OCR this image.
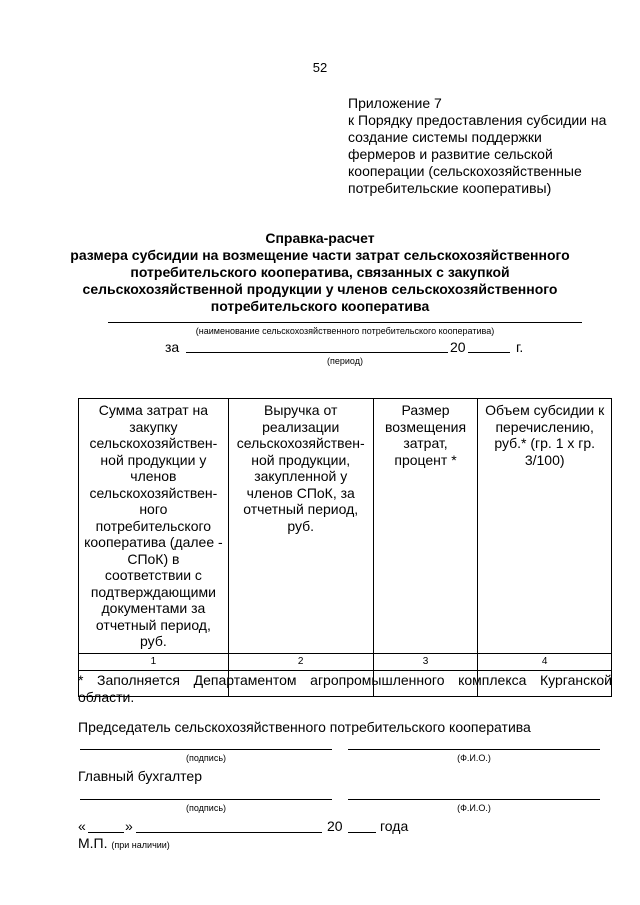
52
Приложение 7
к Порядку предоставления субсидии на
создание системы поддержки
фермеров и развитие сельской
кооперации (сельскохозяйственные
потребительские кооперативы)
Справка-расчет
размера субсидии на возмещение части затрат сельскохозяйственного
потребительского кооператива, связанных с закупкой
сельскохозяйственной продукции у членов сельскохозяйственного
потребительского кооператива
(наименование сельскохозяйственного потребительского кооператива)
за	20	г.
(период)
Сумма затрат на закупку сельскохозяйствен-ной продукции у членов сельскохозяйствен-ного потребительского кооператива (далее - СПоК) в соответствии с подтверждающими документами за отчетный период, руб.	Выручка от реализации сельскохозяйствен-ной продукции, закупленной у членов СПоК, за отчетный период, руб.	Размер возмещения затрат, процент *	Объем субсидии к перечислению, руб.* (гр. 1 x гр. 3/100)
1	2	3	4

* Заполняется Департаментом агропромышленного комплекса Курганской
области.
Председатель сельскохозяйственного потребительского кооператива
(подпись)	(Ф.И.О.)
Главный бухгалтер
(подпись)	(Ф.И.О.)
«	»	20	года
М.П. (при наличии)
